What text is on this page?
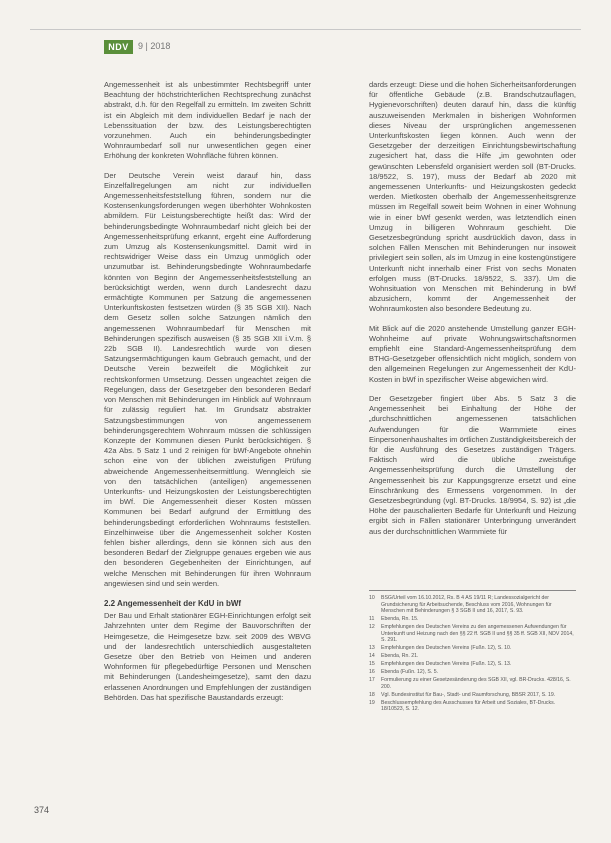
NDV	9 | 2018

Angemessenheit ist als unbestimmter Rechtsbegriff unter Beachtung der höchstrichterlichen Rechtsprechung zunächst abstrakt, d.h. für den Regelfall zu ermitteln. Im zweiten Schritt ist ein Abgleich mit dem individuellen Bedarf je nach der Lebenssituation der bzw. des Leistungsberechtigten vorzunehmen. Auch ein behinderungsbedingter Wohnraumbedarf soll nur unwesentlichen gegen einer Erhöhung der konkreten Wohnfläche führen können.

Der Deutsche Verein weist darauf hin, dass Einzelfallregelungen am nicht zur individuellen Angemessenheitsfeststellung führen, sondern nur die Kostensenkungsforderungen wegen überhöhter Wohnkosten abmildern. Für Leistungsberechtigte heißt das: Wird der behinderungsbedingte Wohnraumbedarf nicht gleich bei der Angemessenheitsprüfung erkannt, ergeht eine Aufforderung zum Umzug als Kostensenkungsmittel. Damit wird in rechtswidriger Weise dass ein Umzug unmöglich oder unzumutbar ist. Behinderungsbedingte Wohnraumbedarfe könnten von Beginn der Angemessenheitsfeststellung an berücksichtigt werden, wenn durch Landesrecht dazu ermächtigte Kommunen per Satzung die angemessenen Unterkunftskosten festsetzen würden (§ 35 SGB XII). Nach dem Gesetz sollen solche Satzungen nämlich den angemessenen Wohnraumbedarf für Menschen mit Behinderungen spezifisch ausweisen (§ 35 SGB XII i.V.m. § 22b SGB II). Landesrechtlich wurde von diesen Satzungsermächtigungen kaum Gebrauch gemacht, und der Deutsche Verein bezweifelt die Möglichkeit zur rechtskonformen Umsetzung. Dessen ungeachtet zeigen die Regelungen, dass der Gesetzgeber den besonderen Bedarf von Menschen mit Behinderungen im Hinblick auf Wohnraum für zulässig reguliert hat. Im Grundsatz abstrakter Satzungsbestimmungen von angemessenem behinderungsgerechtem Wohnraum müssen die schlüssigen Konzepte der Kommunen diesen Punkt berücksichtigen. § 42a Abs. 5 Satz 1 und 2 reinigen für bWf-Angebote ohnehin schon eine von der üblichen zweistufigen Prüfung abweichende Angemessenheitsermittlung. Wenngleich sie von den tatsächlichen (anteiligen) angemessenen Unterkunfts- und Heizungskosten der Leistungsberechtigten im bWf. Die Angemessenheit dieser Kosten müssen Kommunen bei Bedarf aufgrund der Ermittlung des behinderungsbedingt erforderlichen Wohnraums feststellen. Einzelhinweise über die Angemessenheit solcher Kosten fehlen bisher allerdings, denn sie können sich aus den besonderen Bedarf der Zielgruppe genaues ergeben wie aus den besonderen Gegebenheiten der Einrichtungen, auf welche Menschen mit Behinderungen für ihren Wohnraum angewiesen sind und sein werden.

2.2 Angemessenheit der KdU in bWf

Der Bau und Erhalt stationärer EGH-Einrichtungen erfolgt seit Jahrzehnten unter dem Regime der Bauvorschriften der Heimgesetze, die Heimgesetze bzw. seit 2009 des WBVG und der landesrechtlich unterschiedlich ausgestalteten Gesetze über den Betrieb von Heimen und anderen Wohnformen für pflegebedürftige Personen und Menschen mit Behinderungen (Landesheimgesetze), samt den dazu erlassenen Anordnungen und Empfehlungen der zuständigen Behörden. Das hat spezifische Baustandards erzeugt:

dards erzeugt: Diese und die hohen Sicherheitsanforderungen für öffentliche Gebäude (z.B. Brandschutzauflagen, Hygienevorschriften) deuten darauf hin, dass die künftig auszuweisenden Merkmalen in bisherigen Wohnformen dieses Niveau der ursprünglichen angemessenen Unterkunftskosten liegen können. Auch wenn der Gesetzgeber der derzeitigen Einrichtungsbewirtschaftung zugesichert hat, dass die Hilfe „im gewohnten oder gewünschten Lebensfeld organisiert werden soll (BT-Drucks. 18/9522, S. 197), muss der Bedarf ab 2020 mit angemessenen Unterkunfts- und Heizungskosten gedeckt werden. Mietkosten oberhalb der Angemessenheitsgrenze müssen im Regelfall soweit beim Wohnen in einer Wohnung wie in einer bWf gesenkt werden, was letztendlich einen Umzug in billigeren Wohnraum geschieht. Die Gesetzesbegründung spricht ausdrücklich davon, dass in solchen Fällen Menschen mit Behinderungen nur insoweit privilegiert sein sollen, als im Umzug in eine kostengünstigere Unterkunft nicht innerhalb einer Frist von sechs Monaten erfolgen muss (BT-Drucks. 18/9522, S. 337). Um die Wohnsituation von Menschen mit Behinderung in bWf abzusichern, kommt der Angemessenheit der Wohnraumkosten also besondere Bedeutung zu.

Mit Blick auf die 2020 anstehende Umstellung ganzer EGH-Wohnheime auf private Wohnungswirtschaftsnormen empfiehlt eine Standard-Angemessenheitsprüfung dem BTHG-Gesetzgeber offensichtlich nicht möglich, sondern von den allgemeinen Regelungen zur Angemessenheit der KdU-Kosten in bWf in spezifischer Weise abgewichen wird.

Der Gesetzgeber fingiert über Abs. 5 Satz 3 die Angemessenheit bei Einhaltung der Höhe der „durchschnittlichen angemessenen tatsächlichen Aufwendungen für die Warmmiete eines Einpersonenhaushaltes im örtlichen Zuständigkeitsbereich der für die Ausführung des Gesetzes zuständigen Trägers. Faktisch wird die übliche zweistufige Angemessenheitsprüfung durch die Umstellung der Angemessenheit bis zur Kappungsgrenze ersetzt und eine Einschränkung des Ermessens vorgenommen. In der Gesetzesbegründung (vgl. BT-Drucks. 18/9954, S. 92) ist „die Höhe der pauschalierten Bedarfe für Unterkunft und Heizung ergibt sich in Fällen stationärer Unterbringung unverändert aus der durchschnittlichen Warmmiete für

10	BSG/Urteil vom 16.10.2012, Rs. B 4 AS 19/11 R; Landessozialgericht der Grundsicherung für Arbeitsuchende, Beschluss vom 2016, Wohnungen für Menschen mit Behinderungen § 3 SGB II und 16, 2017, S. 93.
11	Ebenda, Rn. 15.
12	Empfehlungen des Deutschen Vereins zu den angemessenen Aufwendungen für Unterkunft und Heizung nach den §§ 22 ff. SGB II und §§ 35 ff. SGB XII, NDV 2014, S. 291.
13	Empfehlungen des Deutschen Vereins (Fußn. 12), S. 10.
14	Ebenda, Rn. 21.
15	Empfehlungen des Deutschen Vereins (Fußn. 12), S. 13.
16	Ebenda (Fußn. 12), S. 5.
17	Formulierung zu einer Gesetzesänderung des SGB XII, vgl. BR-Drucks. 428/16, S. 200.
18	Vgl. Bundesinstitut für Bau-, Stadt- und Raumforschung, BBSR 2017, S. 19.
19	Beschlussempfehlung des Ausschusses für Arbeit und Soziales, BT-Drucks. 18/10523, S. 12.
374
